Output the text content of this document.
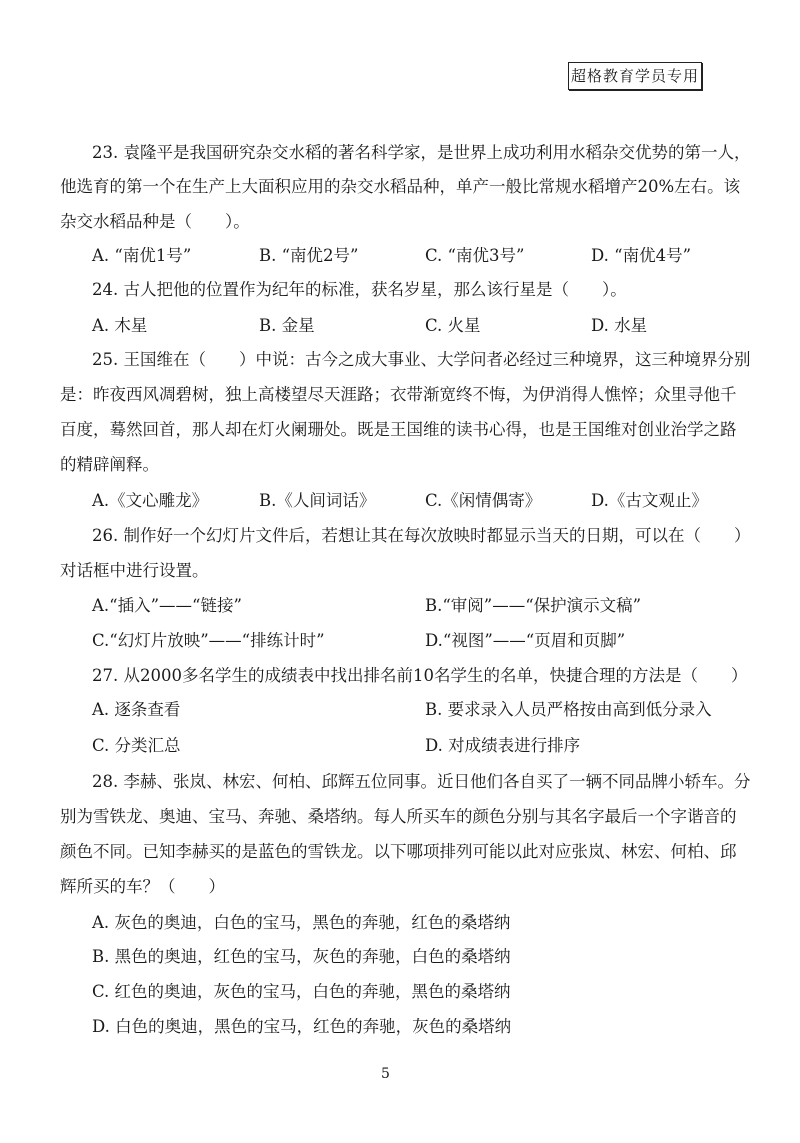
超格教育学员专用
23. 袁隆平是我国研究杂交水稻的著名科学家，是世界上成功利用水稻杂交优势的第一人，
他选育的第一个在生产上大面积应用的杂交水稻品种，单产一般比常规水稻增产20%左右。该
杂交水稻品种是（　　）。
A. “南优1号”	B. “南优2号”	C. “南优3号”	D. “南优4号”
24. 古人把他的位置作为纪年的标准，获名岁星，那么该行星是（　　）。
A. 木星	B. 金星	C. 火星	D. 水星
25. 王国维在（　　）中说：古今之成大事业、大学问者必经过三种境界，这三种境界分别
是：昨夜西风凋碧树，独上高楼望尽天涯路；衣带渐宽终不悔，为伊消得人憔悴；众里寻他千
百度，蓦然回首，那人却在灯火阑珊处。既是王国维的读书心得，也是王国维对创业治学之路
的精辟阐释。
A.《文心雕龙》	B.《人间词话》	C.《闲情偶寄》	D.《古文观止》
26. 制作好一个幻灯片文件后，若想让其在每次放映时都显示当天的日期，可以在（　　）
对话框中进行设置。
A.“插入”——“链接”	B.“审阅”——“保护演示文稿”
C.“幻灯片放映”——“排练计时”	D.“视图”——“页眉和页脚”
27. 从2000多名学生的成绩表中找出排名前10名学生的名单，快捷合理的方法是（　　）
A. 逐条查看	B. 要求录入人员严格按由高到低分录入
C. 分类汇总	D. 对成绩表进行排序
28. 李赫、张岚、林宏、何柏、邱辉五位同事。近日他们各自买了一辆不同品牌小轿车。分
别为雪铁龙、奥迪、宝马、奔驰、桑塔纳。每人所买车的颜色分别与其名字最后一个字谐音的
颜色不同。已知李赫买的是蓝色的雪铁龙。以下哪项排列可能以此对应张岚、林宏、何柏、邱
辉所买的车？（　　）
A. 灰色的奥迪，白色的宝马，黑色的奔驰，红色的桑塔纳
B. 黑色的奥迪，红色的宝马，灰色的奔驰，白色的桑塔纳
C. 红色的奥迪，灰色的宝马，白色的奔驰，黑色的桑塔纳
D. 白色的奥迪，黑色的宝马，红色的奔驰，灰色的桑塔纳
5
